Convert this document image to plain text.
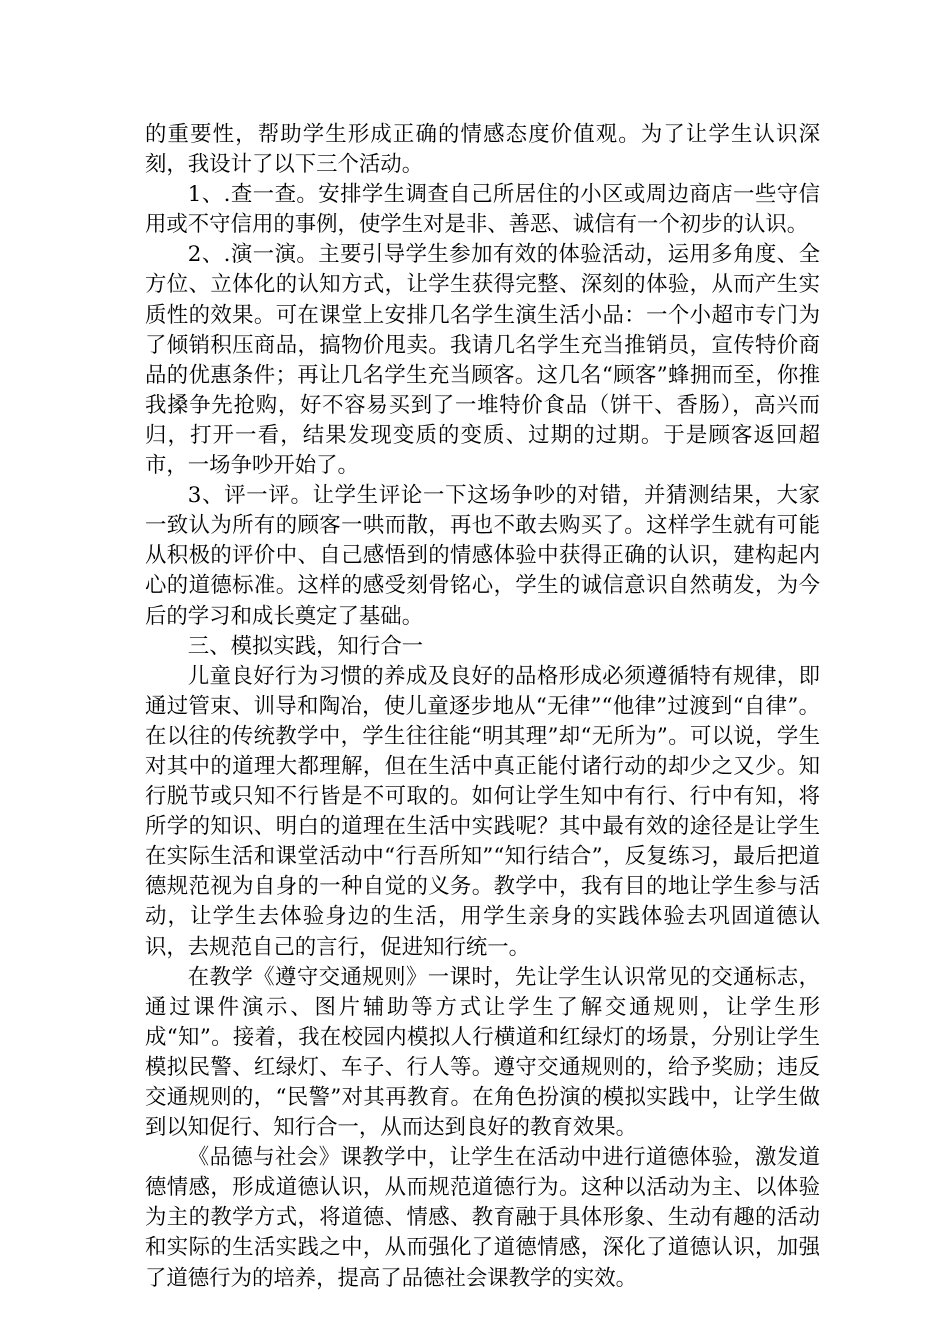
的重要性，帮助学生形成正确的情感态度价值观。为了让学生认识深刻，我设计了以下三个活动。

1、.查一查。安排学生调查自己所居住的小区或周边商店一些守信用或不守信用的事例，使学生对是非、善恶、诚信有一个初步的认识。

2、.演一演。主要引导学生参加有效的体验活动，运用多角度、全方位、立体化的认知方式，让学生获得完整、深刻的体验，从而产生实质性的效果。可在课堂上安排几名学生演生活小品：一个小超市专门为了倾销积压商品，搞物价甩卖。我请几名学生充当推销员，宣传特价商品的优惠条件；再让几名学生充当顾客。这几名“顾客”蜂拥而至，你推我搡争先抢购，好不容易买到了一堆特价食品（饼干、香肠），高兴而归，打开一看，结果发现变质的变质、过期的过期。于是顾客返回超市，一场争吵开始了。

3、评一评。让学生评论一下这场争吵的对错，并猜测结果，大家一致认为所有的顾客一哄而散，再也不敢去购买了。这样学生就有可能从积极的评价中、自己感悟到的情感体验中获得正确的认识，建构起内心的道德标准。这样的感受刻骨铭心，学生的诚信意识自然萌发，为今后的学习和成长奠定了基础。

三、模拟实践，知行合一

儿童良好行为习惯的养成及良好的品格形成必须遵循特有规律，即通过管束、训导和陶冶，使儿童逐步地从“无律”“他律”过渡到“自律”。在以往的传统教学中，学生往往能“明其理”却“无所为”。可以说，学生对其中的道理大都理解，但在生活中真正能付诸行动的却少之又少。知行脱节或只知不行皆是不可取的。如何让学生知中有行、行中有知，将所学的知识、明白的道理在生活中实践呢？其中最有效的途径是让学生在实际生活和课堂活动中“行吾所知”“知行结合”，反复练习，最后把道德规范视为自身的一种自觉的义务。教学中，我有目的地让学生参与活动，让学生去体验身边的生活，用学生亲身的实践体验去巩固道德认识，去规范自己的言行，促进知行统一。

在教学《遵守交通规则》一课时，先让学生认识常见的交通标志，通过课件演示、图片辅助等方式让学生了解交通规则，让学生形成“知”。接着，我在校园内模拟人行横道和红绿灯的场景，分别让学生模拟民警、红绿灯、车子、行人等。遵守交通规则的，给予奖励；违反交通规则的，“民警”对其再教育。在角色扮演的模拟实践中，让学生做到以知促行、知行合一，从而达到良好的教育效果。

《品德与社会》课教学中，让学生在活动中进行道德体验，激发道德情感，形成道德认识，从而规范道德行为。这种以活动为主、以体验为主的教学方式，将道德、情感、教育融于具体形象、生动有趣的活动和实际的生活实践之中，从而强化了道德情感，深化了道德认识，加强了道德行为的培养，提高了品德社会课教学的实效。
